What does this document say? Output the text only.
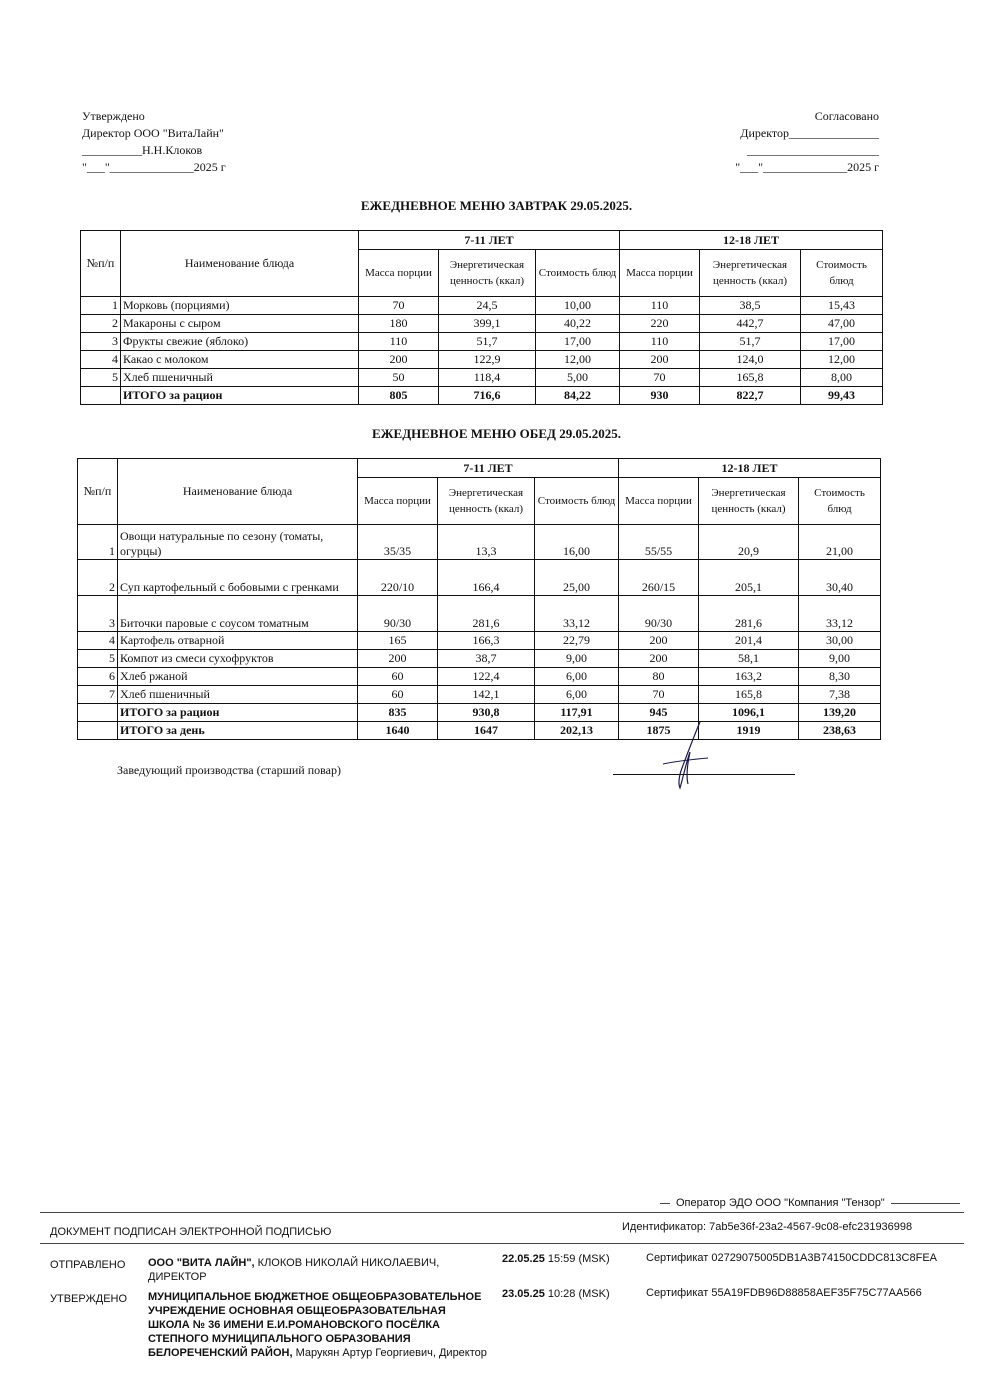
Утверждено
Директор ООО "ВитаЛайн"
__________Н.Н.Клоков
"___"______________2025 г
Согласовано
Директор_______________
______________________
"___"______________2025 г
ЕЖЕДНЕВНОЕ МЕНЮ ЗАВТРАК 29.05.2025.
№п/п	Наименование блюда	7-11 ЛЕТ			12-18 ЛЕТ		
		Масса порции	Энергетическая ценность (ккал)	Стоимость блюд	Масса порции	Энергетическая ценность (ккал)	Стоимость блюд
1	Морковь (порциями)	70	24,5	10,00	110	38,5	15,43
2	Макароны с сыром	180	399,1	40,22	220	442,7	47,00
3	Фрукты свежие (яблоко)	110	51,7	17,00	110	51,7	17,00
4	Какао с молоком	200	122,9	12,00	200	124,0	12,00
5	Хлеб пшеничный	50	118,4	5,00	70	165,8	8,00
	ИТОГО за рацион	805	716,6	84,22	930	822,7	99,43
ЕЖЕДНЕВНОЕ МЕНЮ ОБЕД 29.05.2025.
№п/п	Наименование блюда	7-11 ЛЕТ			12-18 ЛЕТ		
		Масса порции	Энергетическая ценность (ккал)	Стоимость блюд	Масса порции	Энергетическая ценность (ккал)	Стоимость блюд
1	Овощи натуральные по сезону (томаты, огурцы)	35/35	13,3	16,00	55/55	20,9	21,00
2	Суп картофельный с бобовыми с гренками	220/10	166,4	25,00	260/15	205,1	30,40
3	Биточки паровые с соусом томатным	90/30	281,6	33,12	90/30	281,6	33,12
4	Картофель отварной	165	166,3	22,79	200	201,4	30,00
5	Компот из смеси сухофруктов	200	38,7	9,00	200	58,1	9,00
6	Хлеб ржаной	60	122,4	6,00	80	163,2	8,30
7	Хлеб пшеничный	60	142,1	6,00	70	165,8	7,38
	ИТОГО за рацион	835	930,8	117,91	945	1096,1	139,20
	ИТОГО за день	1640	1647	202,13	1875	1919	238,63
Заведующий производства (старший повар)
Оператор ЭДО ООО "Компания "Тензор"
ДОКУМЕНТ ПОДПИСАН ЭЛЕКТРОННОЙ ПОДПИСЬЮ	Идентификатор: 7ab5e36f-23a2-4567-9c08-efc231936998
ОТПРАВЛЕНО ООО "ВИТА ЛАЙН", КЛОКОВ НИКОЛАЙ НИКОЛАЕВИЧ, ДИРЕКТОР
22.05.25 15:59 (MSK)	Сертификат 02729075005DB1A3B74150CDDC813C8FEA
УТВЕРЖДЕНО МУНИЦИПАЛЬНОЕ БЮДЖЕТНОЕ ОБЩЕОБРАЗОВАТЕЛЬНОЕ УЧРЕЖДЕНИЕ ОСНОВНАЯ ОБЩЕОБРАЗОВАТЕЛЬНАЯ ШКОЛА № 36 ИМЕНИ Е.И.РОМАНОВСКОГО ПОСЁЛКА СТЕПНОГО МУНИЦИПАЛЬНОГО ОБРАЗОВАНИЯ БЕЛОРЕЧЕНСКИЙ РАЙОН, Марукян Артур Георгиевич, Директор
23.05.25 10:28 (MSK)	Сертификат 55A19FDB96D88858AEF35F75C77AA566
